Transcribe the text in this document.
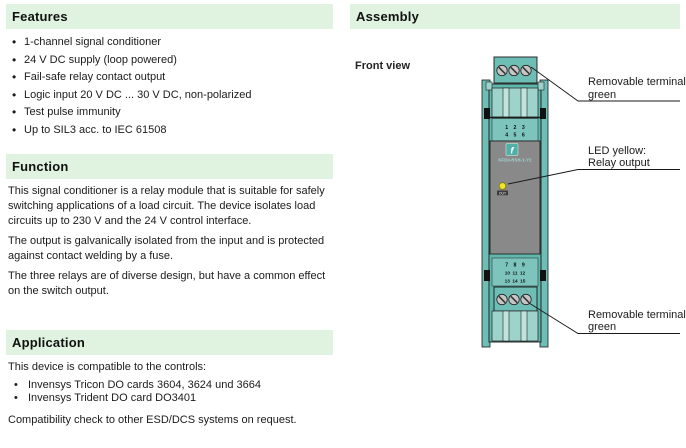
Features
• 1-channel signal conditioner
• 24 V DC supply (loop powered)
• Fail-safe relay contact output
• Logic input 20 V DC ... 30 V DC, non-polarized
• Test pulse immunity
• Up to SIL3 acc. to IEC 61508
Function

This signal conditioner is a relay module that is suitable for safely switching applications of a load circuit. The device isolates load circuits up to 230 V and the 24 V control interface.

The output is galvanically isolated from the input and is protected against contact welding by a fuse.

The three relays are of diverse design, but have a common effect on the switch output.

Application

This device is compatible to the controls:

• Invensys Tricon DO cards 3604, 3624 und 3664
• Invensys Trident DO card DO3401

Compatibility check to other ESD/DCS systems on request.

Assembly
Front view
1 2 3
4 5 6
f
KFD0-RSH-1-Y2
OUT
7 8 9
10 11 12
13 14 15
Removable terminal
green
LED yellow:
Relay output
Removable terminal
green
